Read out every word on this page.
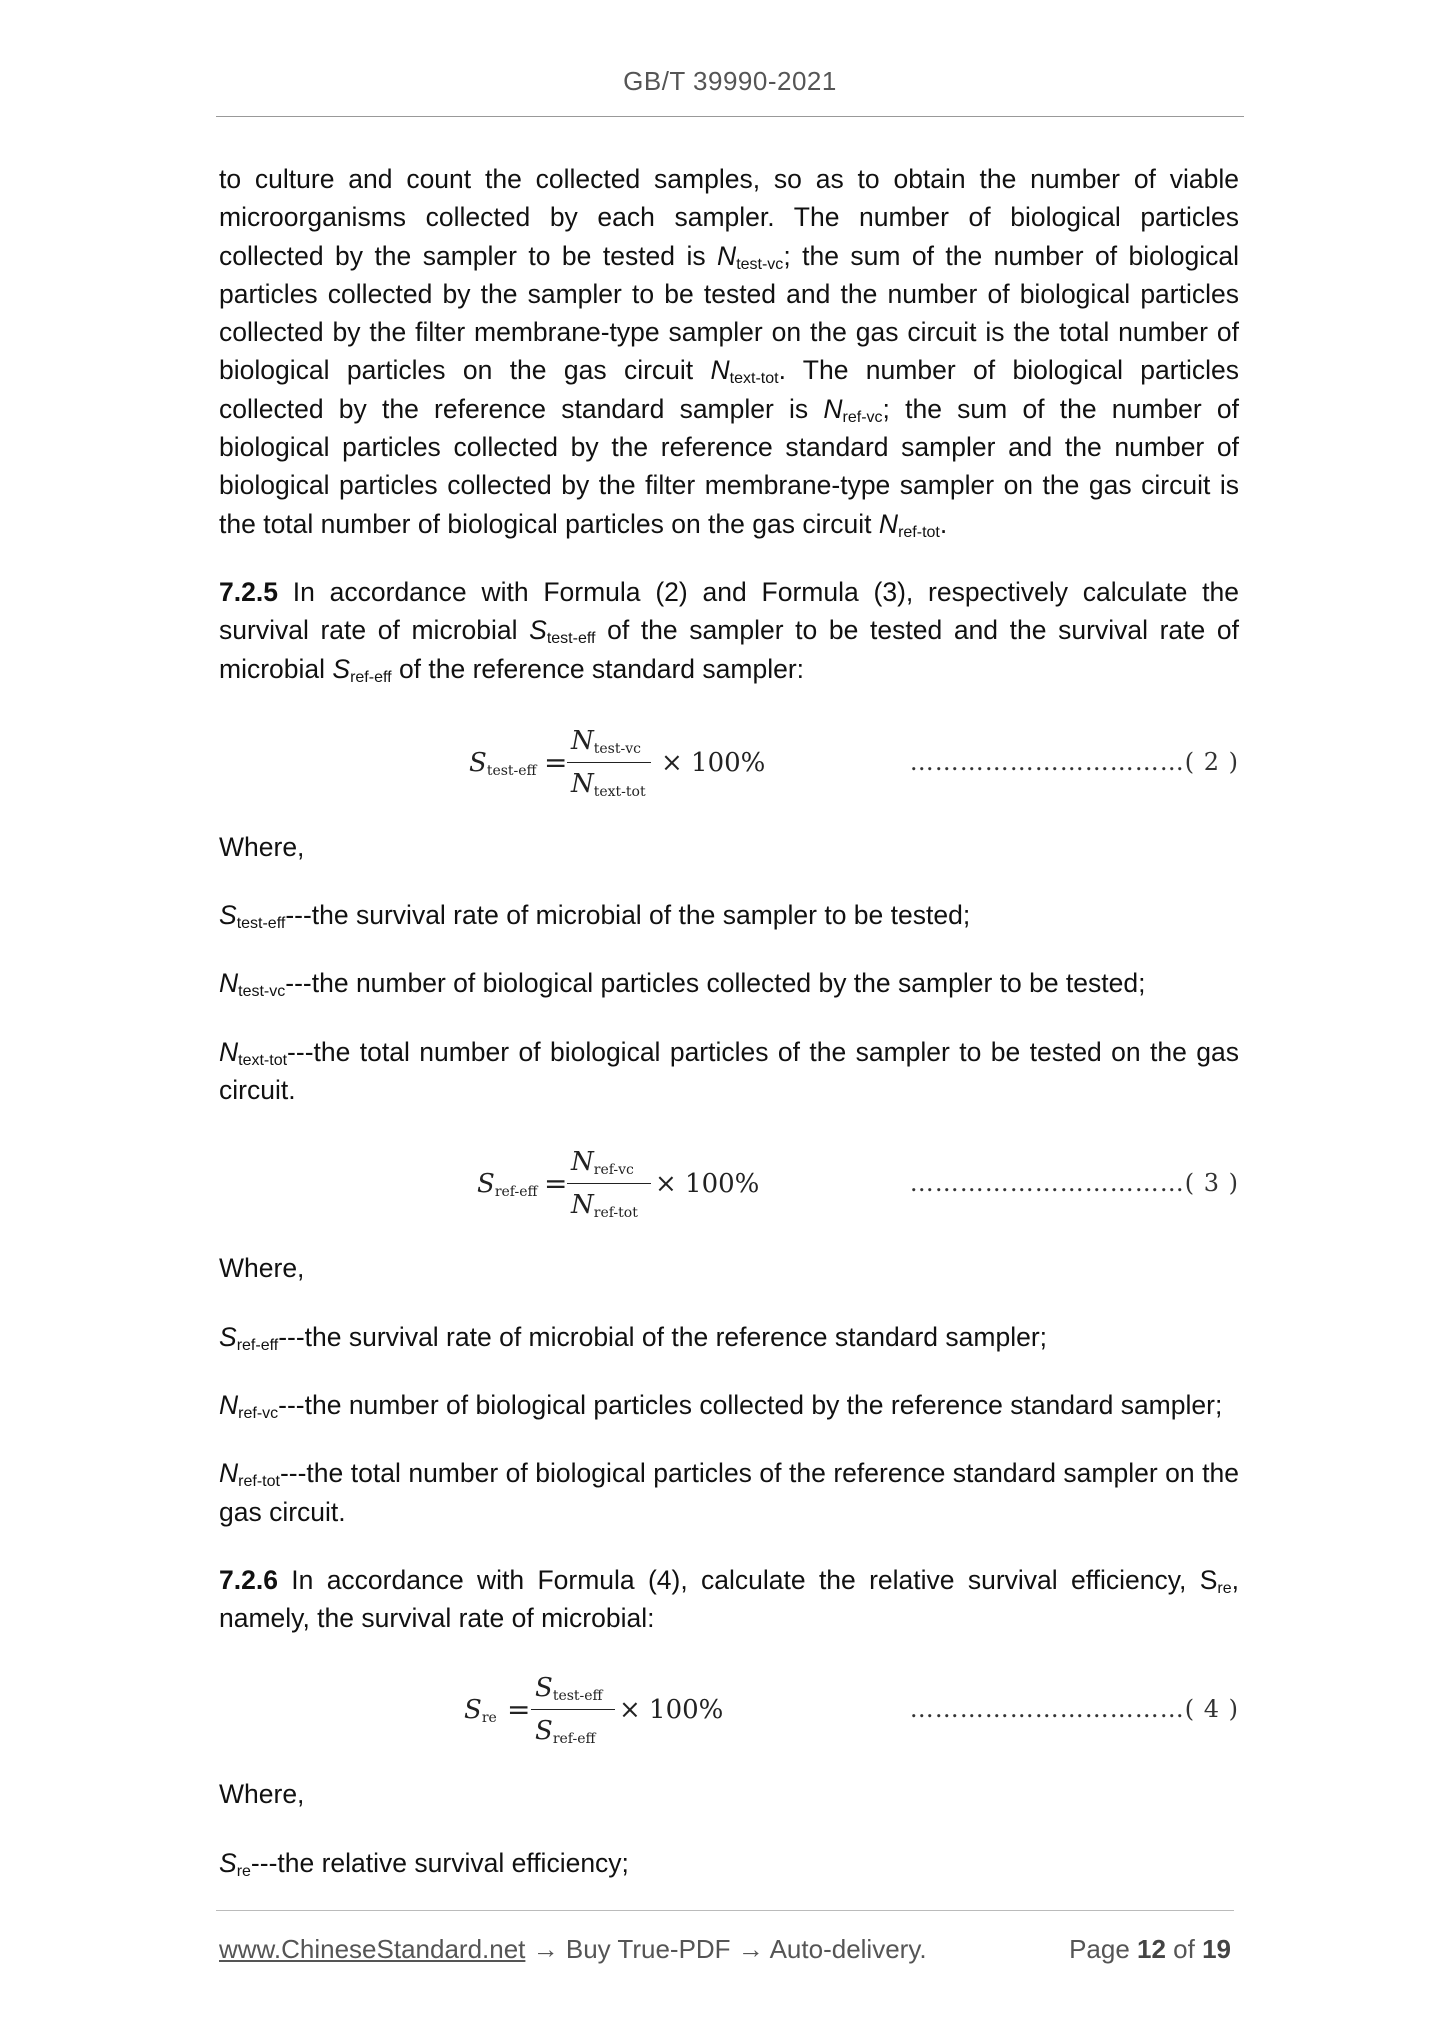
GB/T 39990-2021

to culture and count the collected samples, so as to obtain the number of viable microorganisms collected by each sampler. The number of biological particles collected by the sampler to be tested is $N_{test-vc}$; the sum of the number of biological particles collected by the sampler to be tested and the number of biological particles collected by the filter membrane-type sampler on the gas circuit is the total number of biological particles on the gas circuit $N_{text-tot}$. The number of biological particles collected by the reference standard sampler is $N_{ref-vc}$; the sum of the number of biological particles collected by the reference standard sampler and the number of biological particles collected by the filter membrane-type sampler on the gas circuit is the total number of biological particles on the gas circuit $N_{ref-tot}$.

7.2.5 In accordance with Formula (2) and Formula (3), respectively calculate the survival rate of microbial $S_{test-eff}$ of the sampler to be tested and the survival rate of microbial $S_{ref-eff}$ of the reference standard sampler:

$S_{test-eff}$ =
$N_{test-vc}$
$N_{text-tot}$
× 100%	……………………………( 2 )

Where,

$S_{test-eff}--$-the survival rate of microbial of the sampler to be tested;

$N_{test-vc}--$-the number of biological particles collected by the sampler to be tested;

$N_{text-tot}--$-the total number of biological particles of the sampler to be tested on the gas circuit.

$S_{ref-eff}$ =
$N_{ref-vc}$
$N_{ref-tot}$
× 100%	……………………………( 3 )

Where,

$S_{ref-eff}--$-the survival rate of microbial of the reference standard sampler;

$N_{ref-vc}--$-the number of biological particles collected by the reference standard sampler;

$N_{ref-tot}--$-the total number of biological particles of the reference standard sampler on the gas circuit.

7.2.6 In accordance with Formula (4), calculate the relative survival efficiency, $S_{re}$, namely, the survival rate of microbial:

$S_{re}$ =
$S_{test-eff}$
$S_{ref-eff}$
× 100%	……………………………( 4 )

Where,

$S_{re}--$-the relative survival efficiency;

www.ChineseStandard.net → Buy True-PDF → Auto-delivery.	Page 12 of 19
